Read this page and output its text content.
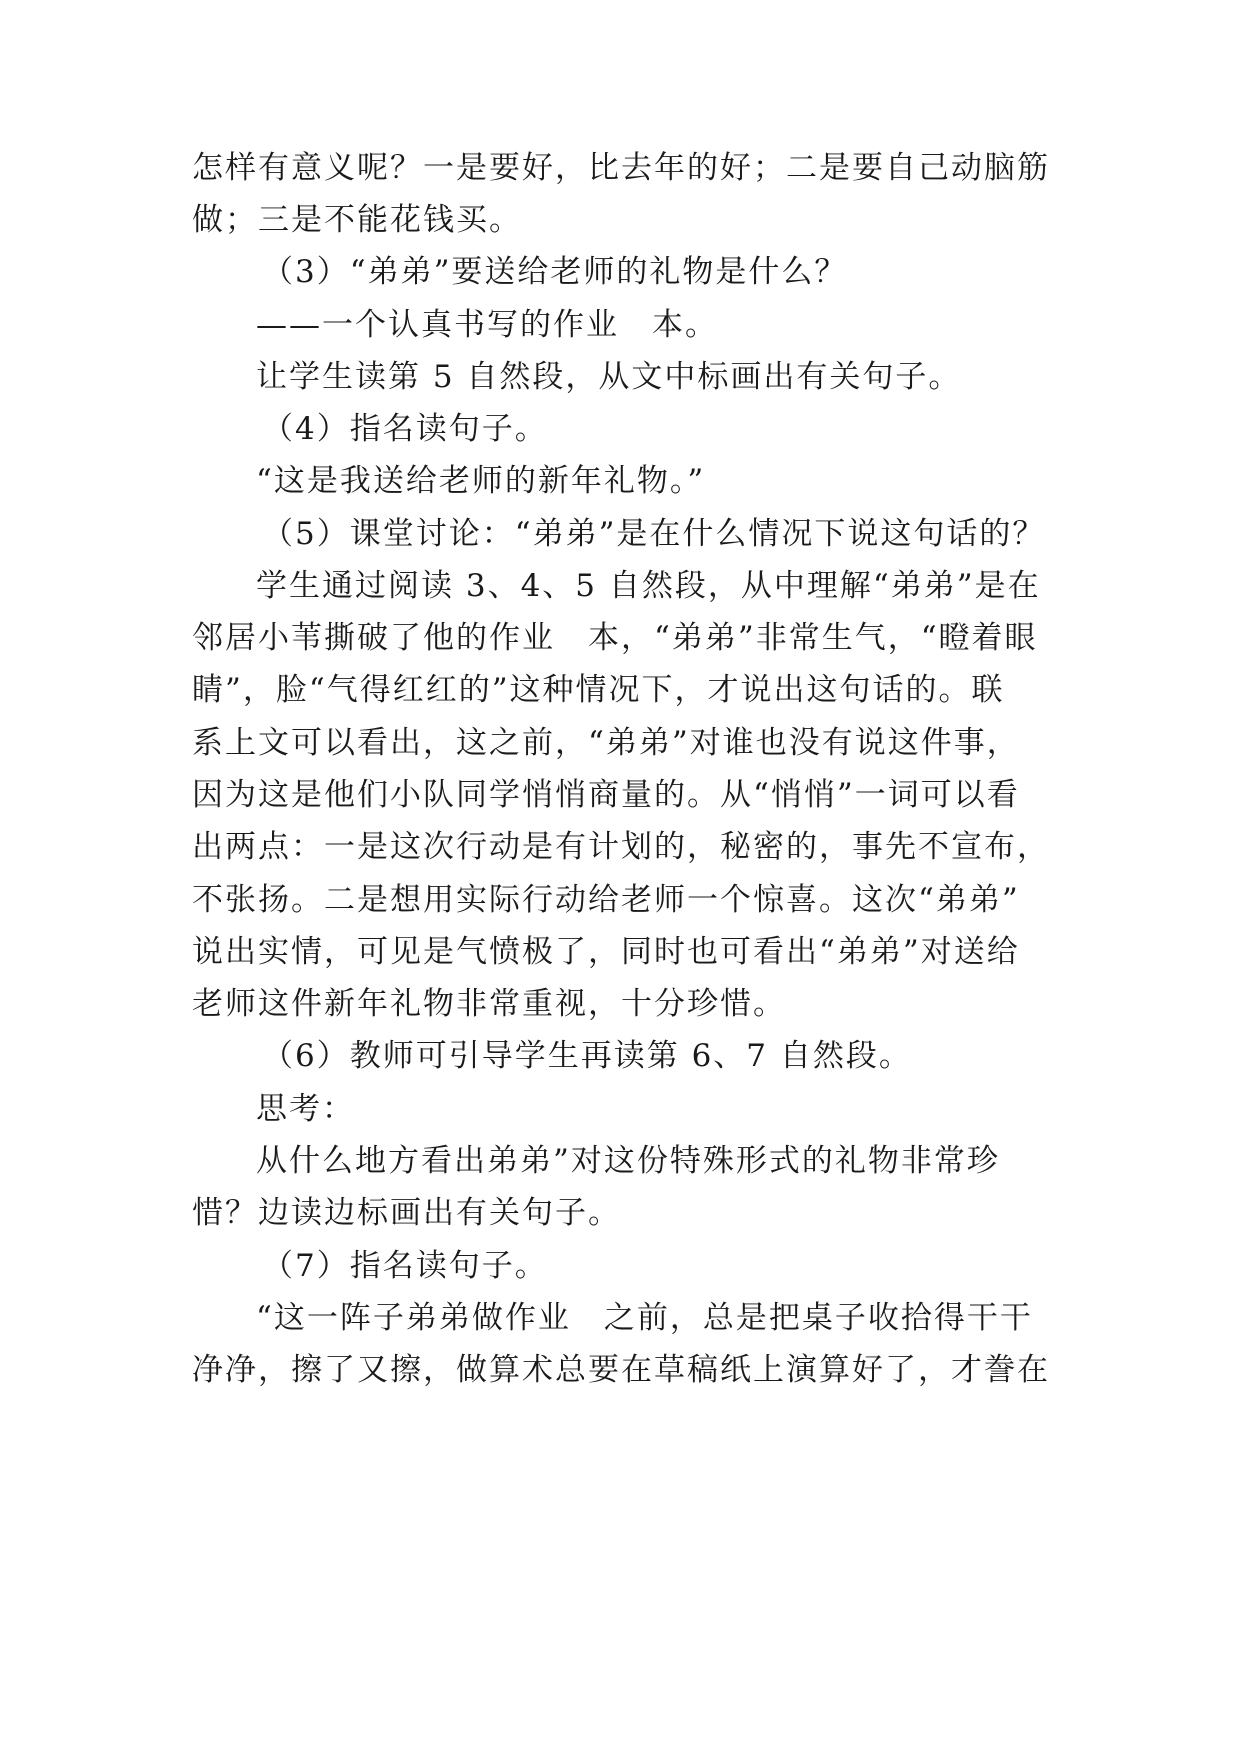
怎样有意义呢？一是要好，比去年的好；二是要自己动脑筋
做；三是不能花钱买。
（3）“弟弟”要送给老师的礼物是什么？
——一个认真书写的作业　本。
让学生读第 5 自然段，从文中标画出有关句子。
（4）指名读句子。
“这是我送给老师的新年礼物。”
（5）课堂讨论：“弟弟”是在什么情况下说这句话的？
学生通过阅读 3、4、5 自然段，从中理解“弟弟”是在
邻居小苇撕破了他的作业　本，“弟弟”非常生气，“瞪着眼
睛”，脸“气得红红的”这种情况下，才说出这句话的。联
系上文可以看出，这之前，“弟弟”对谁也没有说这件事，
因为这是他们小队同学悄悄商量的。从“悄悄”一词可以看
出两点：一是这次行动是有计划的，秘密的，事先不宣布，
不张扬。二是想用实际行动给老师一个惊喜。这次“弟弟”
说出实情，可见是气愤极了，同时也可看出“弟弟”对送给
老师这件新年礼物非常重视，十分珍惜。
（6）教师可引导学生再读第 6、7 自然段。
思考：
从什么地方看出弟弟”对这份特殊形式的礼物非常珍
惜？边读边标画出有关句子。
（7）指名读句子。
“这一阵子弟弟做作业　之前，总是把桌子收拾得干干
净净，擦了又擦，做算术总要在草稿纸上演算好了，才誊在
